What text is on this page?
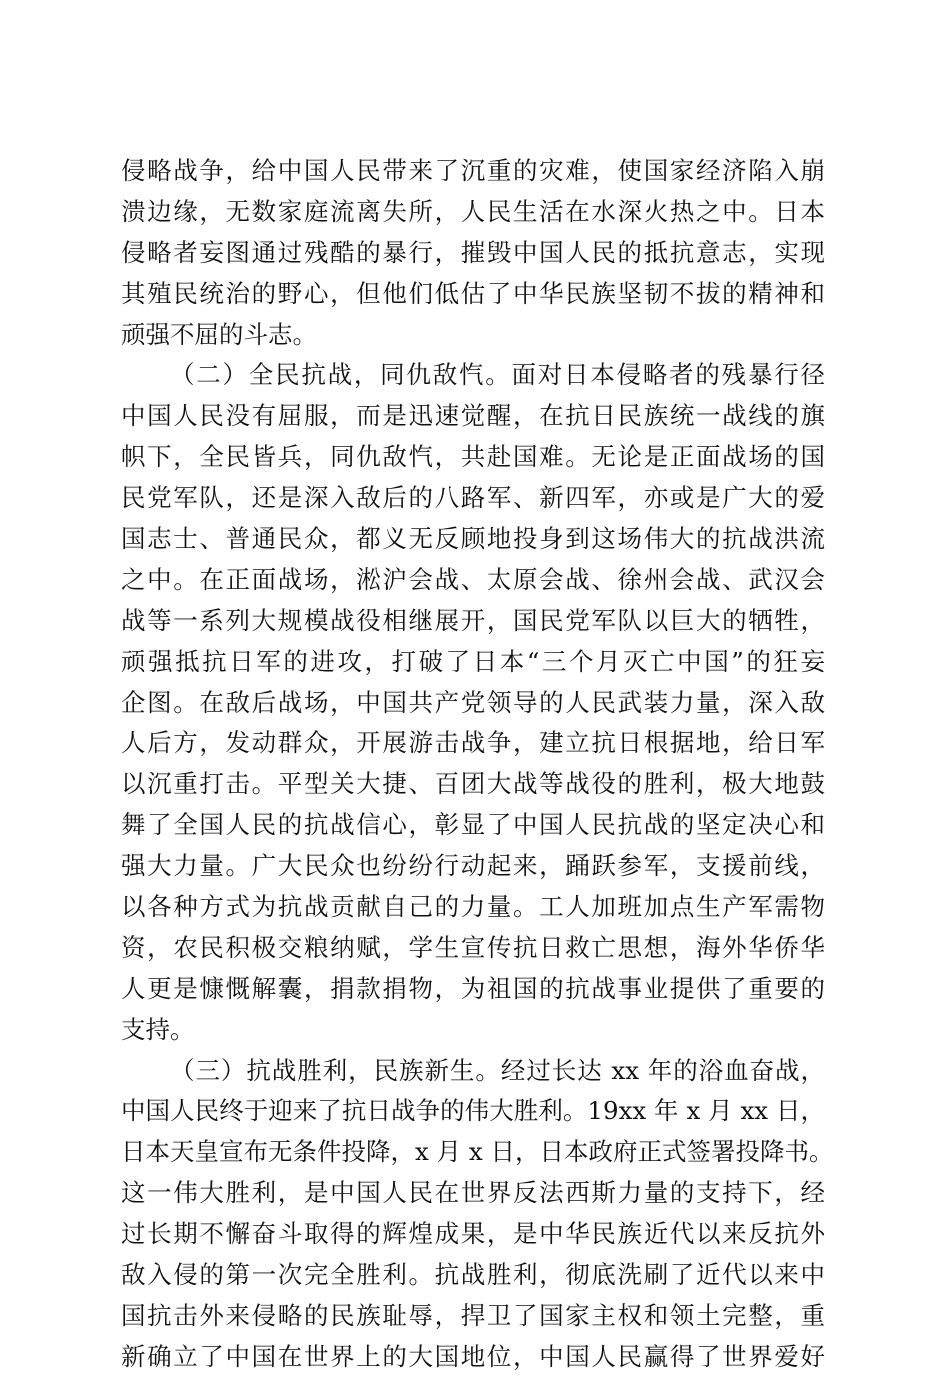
侵略战争，给中国人民带来了沉重的灾难，使国家经济陷入崩
溃边缘，无数家庭流离失所，人民生活在水深火热之中。日本
侵略者妄图通过残酷的暴行，摧毁中国人民的抵抗意志，实现
其殖民统治的野心，但他们低估了中华民族坚韧不拔的精神和
顽强不屈的斗志。
（二）全民抗战，同仇敌忾。面对日本侵略者的残暴行径
中国人民没有屈服，而是迅速觉醒，在抗日民族统一战线的旗
帜下，全民皆兵，同仇敌忾，共赴国难。无论是正面战场的国
民党军队，还是深入敌后的八路军、新四军，亦或是广大的爱
国志士、普通民众，都义无反顾地投身到这场伟大的抗战洪流
之中。在正面战场，淞沪会战、太原会战、徐州会战、武汉会
战等一系列大规模战役相继展开，国民党军队以巨大的牺牲，
顽强抵抗日军的进攻，打破了日本“三个月灭亡中国”的狂妄
企图。在敌后战场，中国共产党领导的人民武装力量，深入敌
人后方，发动群众，开展游击战争，建立抗日根据地，给日军
以沉重打击。平型关大捷、百团大战等战役的胜利，极大地鼓
舞了全国人民的抗战信心，彰显了中国人民抗战的坚定决心和
强大力量。广大民众也纷纷行动起来，踊跃参军，支援前线，
以各种方式为抗战贡献自己的力量。工人加班加点生产军需物
资，农民积极交粮纳赋，学生宣传抗日救亡思想，海外华侨华
人更是慷慨解囊，捐款捐物，为祖国的抗战事业提供了重要的
支持。
（三）抗战胜利，民族新生。经过长达 xx 年的浴血奋战，
中国人民终于迎来了抗日战争的伟大胜利。19xx 年 x 月 xx 日，
日本天皇宣布无条件投降，x 月 x 日，日本政府正式签署投降书。
这一伟大胜利，是中国人民在世界反法西斯力量的支持下，经
过长期不懈奋斗取得的辉煌成果，是中华民族近代以来反抗外
敌入侵的第一次完全胜利。抗战胜利，彻底洗刷了近代以来中
国抗击外来侵略的民族耻辱，捍卫了国家主权和领土完整，重
新确立了中国在世界上的大国地位，中国人民赢得了世界爱好
